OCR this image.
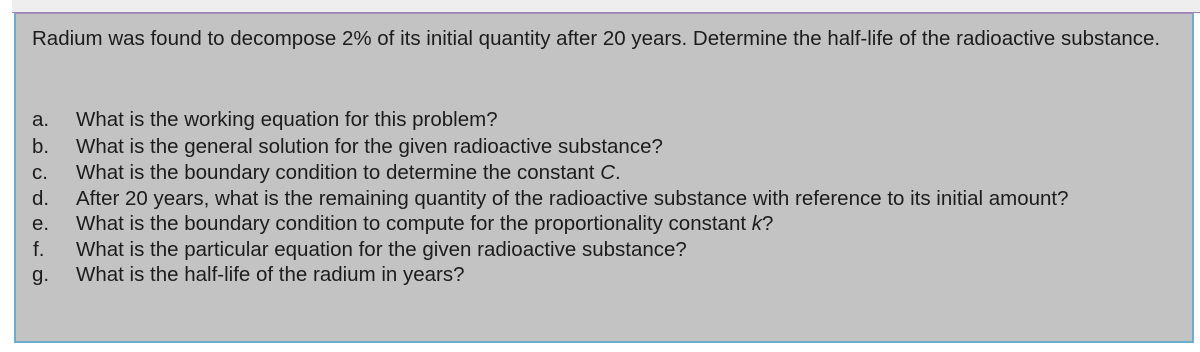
Radium was found to decompose 2% of its initial quantity after 20 years. Determine the half-life of the radioactive substance.

a. What is the working equation for this problem?
b. What is the general solution for the given radioactive substance?
c. What is the boundary condition to determine the constant C.
d. After 20 years, what is the remaining quantity of the radioactive substance with reference to its initial amount?
e. What is the boundary condition to compute for the proportionality constant k?
f. What is the particular equation for the given radioactive substance?
g. What is the half-life of the radium in years?
